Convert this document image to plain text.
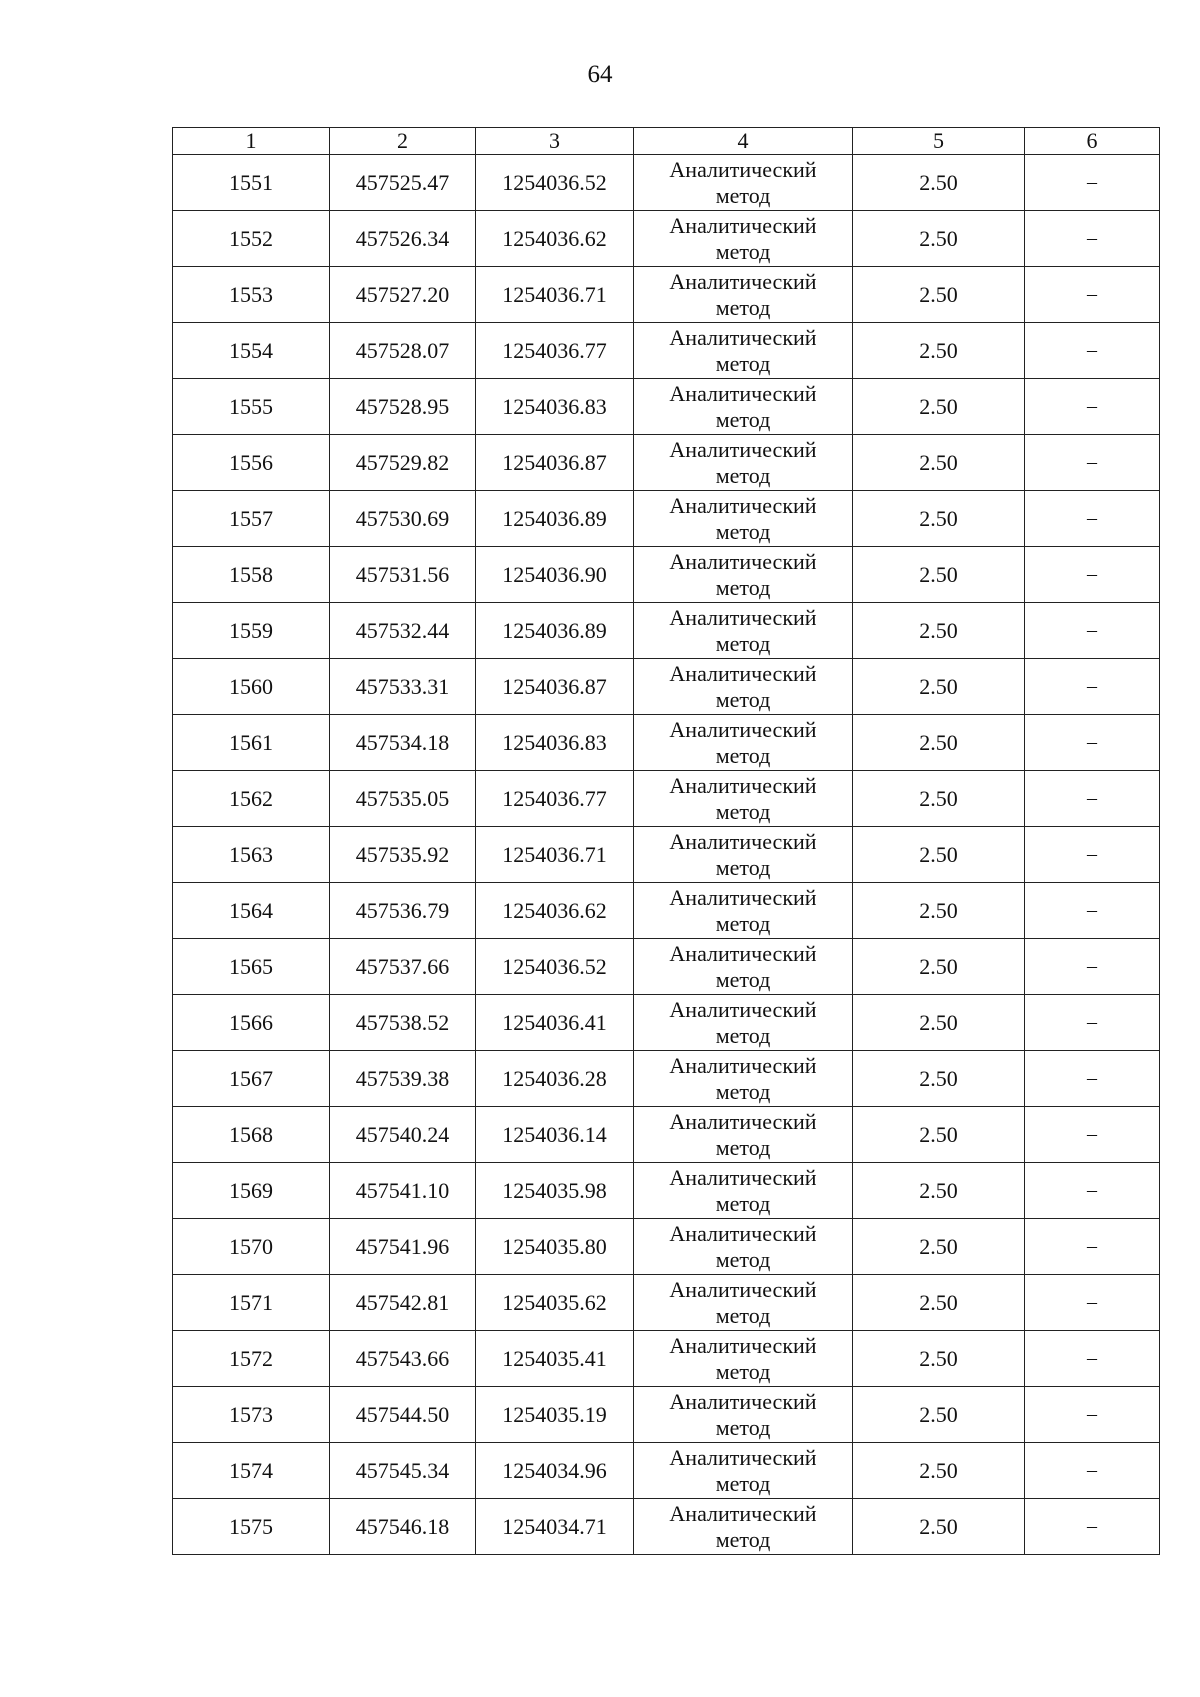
64
1	2	3	4	5	6
1551	457525.47	1254036.52	Аналитический
метод	2.50	–
1552	457526.34	1254036.62	Аналитический
метод	2.50	–
1553	457527.20	1254036.71	Аналитический
метод	2.50	–
1554	457528.07	1254036.77	Аналитический
метод	2.50	–
1555	457528.95	1254036.83	Аналитический
метод	2.50	–
1556	457529.82	1254036.87	Аналитический
метод	2.50	–
1557	457530.69	1254036.89	Аналитический
метод	2.50	–
1558	457531.56	1254036.90	Аналитический
метод	2.50	–
1559	457532.44	1254036.89	Аналитический
метод	2.50	–
1560	457533.31	1254036.87	Аналитический
метод	2.50	–
1561	457534.18	1254036.83	Аналитический
метод	2.50	–
1562	457535.05	1254036.77	Аналитический
метод	2.50	–
1563	457535.92	1254036.71	Аналитический
метод	2.50	–
1564	457536.79	1254036.62	Аналитический
метод	2.50	–
1565	457537.66	1254036.52	Аналитический
метод	2.50	–
1566	457538.52	1254036.41	Аналитический
метод	2.50	–
1567	457539.38	1254036.28	Аналитический
метод	2.50	–
1568	457540.24	1254036.14	Аналитический
метод	2.50	–
1569	457541.10	1254035.98	Аналитический
метод	2.50	–
1570	457541.96	1254035.80	Аналитический
метод	2.50	–
1571	457542.81	1254035.62	Аналитический
метод	2.50	–
1572	457543.66	1254035.41	Аналитический
метод	2.50	–
1573	457544.50	1254035.19	Аналитический
метод	2.50	–
1574	457545.34	1254034.96	Аналитический
метод	2.50	–
1575	457546.18	1254034.71	Аналитический
метод	2.50	–
